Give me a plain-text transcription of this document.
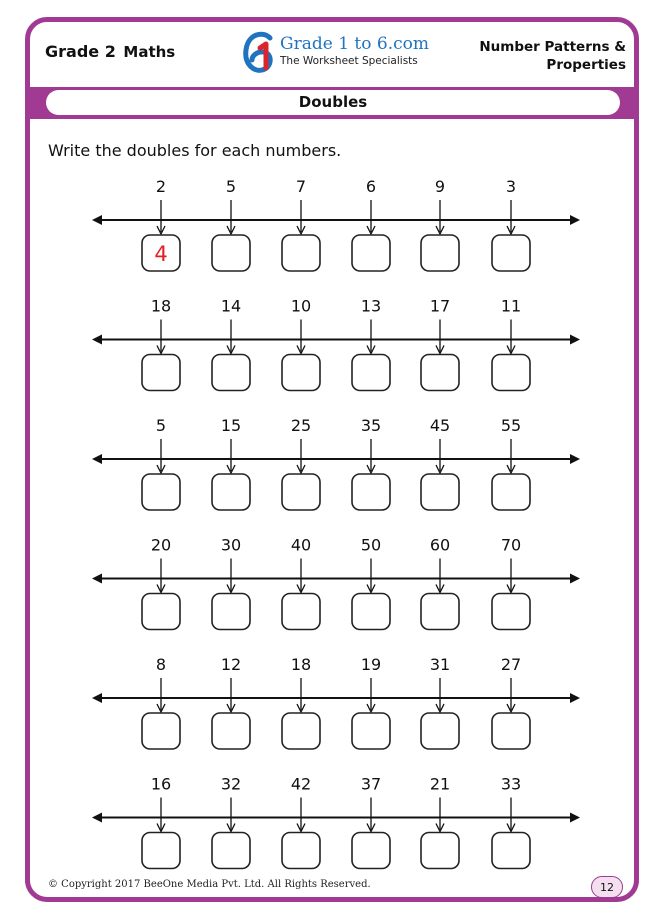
Grade 2 Maths	Grade 1 to 6.com
The Worksheet Specialists
Number Patterns &
Properties
Doubles
Write the doubles for each numbers.
2
4
5	7	6	9	3
18	14	10	13	17	11
5	15	25	35	45	55
20	30	40	50	60	70
8	12	18	19	31	27
16	32	42	37	21	33
© Copyright 2017 BeeOne Media Pvt. Ltd. All Rights Reserved.	12
